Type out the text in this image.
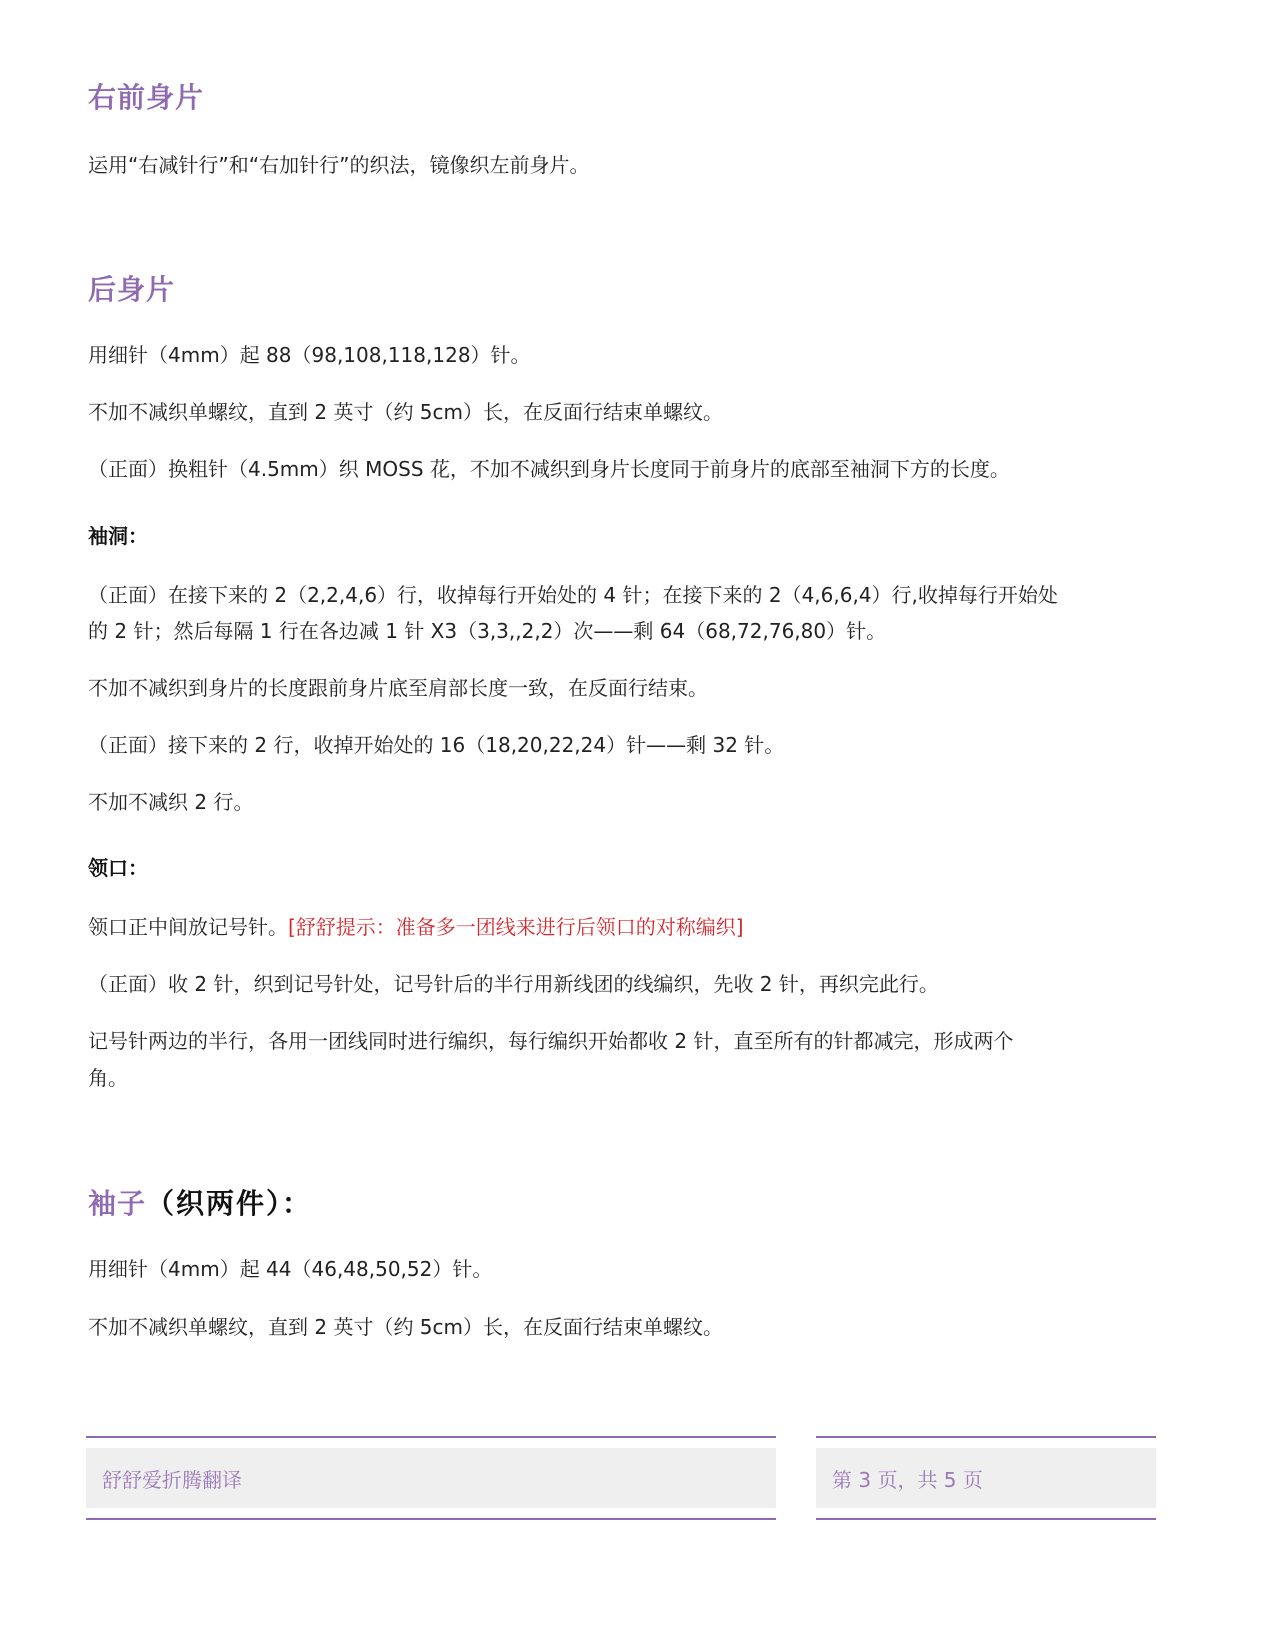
右前身片

运用“右减针行”和“右加针行”的织法，镜像织左前身片。

后身片

用细针（4mm）起 88（98,108,118,128）针。

不加不减织单螺纹，直到 2 英寸（约 5cm）长，在反面行结束单螺纹。

（正面）换粗针（4.5mm）织 MOSS 花，不加不减织到身片长度同于前身片的底部至袖洞下方的长度。

袖洞：

（正面）在接下来的 2（2,2,4,6）行，收掉每行开始处的 4 针；在接下来的 2（4,6,6,4）行,收掉每行开始处

的 2 针；然后每隔 1 行在各边减 1 针 X3（3,3,,2,2）次——剩 64（68,72,76,80）针。

不加不减织到身片的长度跟前身片底至肩部长度一致，在反面行结束。

（正面）接下来的 2 行，收掉开始处的 16（18,20,22,24）针——剩 32 针。

不加不减织 2 行。

领口：

领口正中间放记号针。[舒舒提示：准备多一团线来进行后领口的对称编织]

（正面）收 2 针，织到记号针处，记号针后的半行用新线团的线编织，先收 2 针，再织完此行。

记号针两边的半行，各用一团线同时进行编织，每行编织开始都收 2 针，直至所有的针都减完，形成两个

角。

袖子（织两件）：

用细针（4mm）起 44（46,48,50,52）针。

不加不减织单螺纹，直到 2 英寸（约 5cm）长，在反面行结束单螺纹。

舒舒爱折腾翻译	第 3 页，共 5 页
